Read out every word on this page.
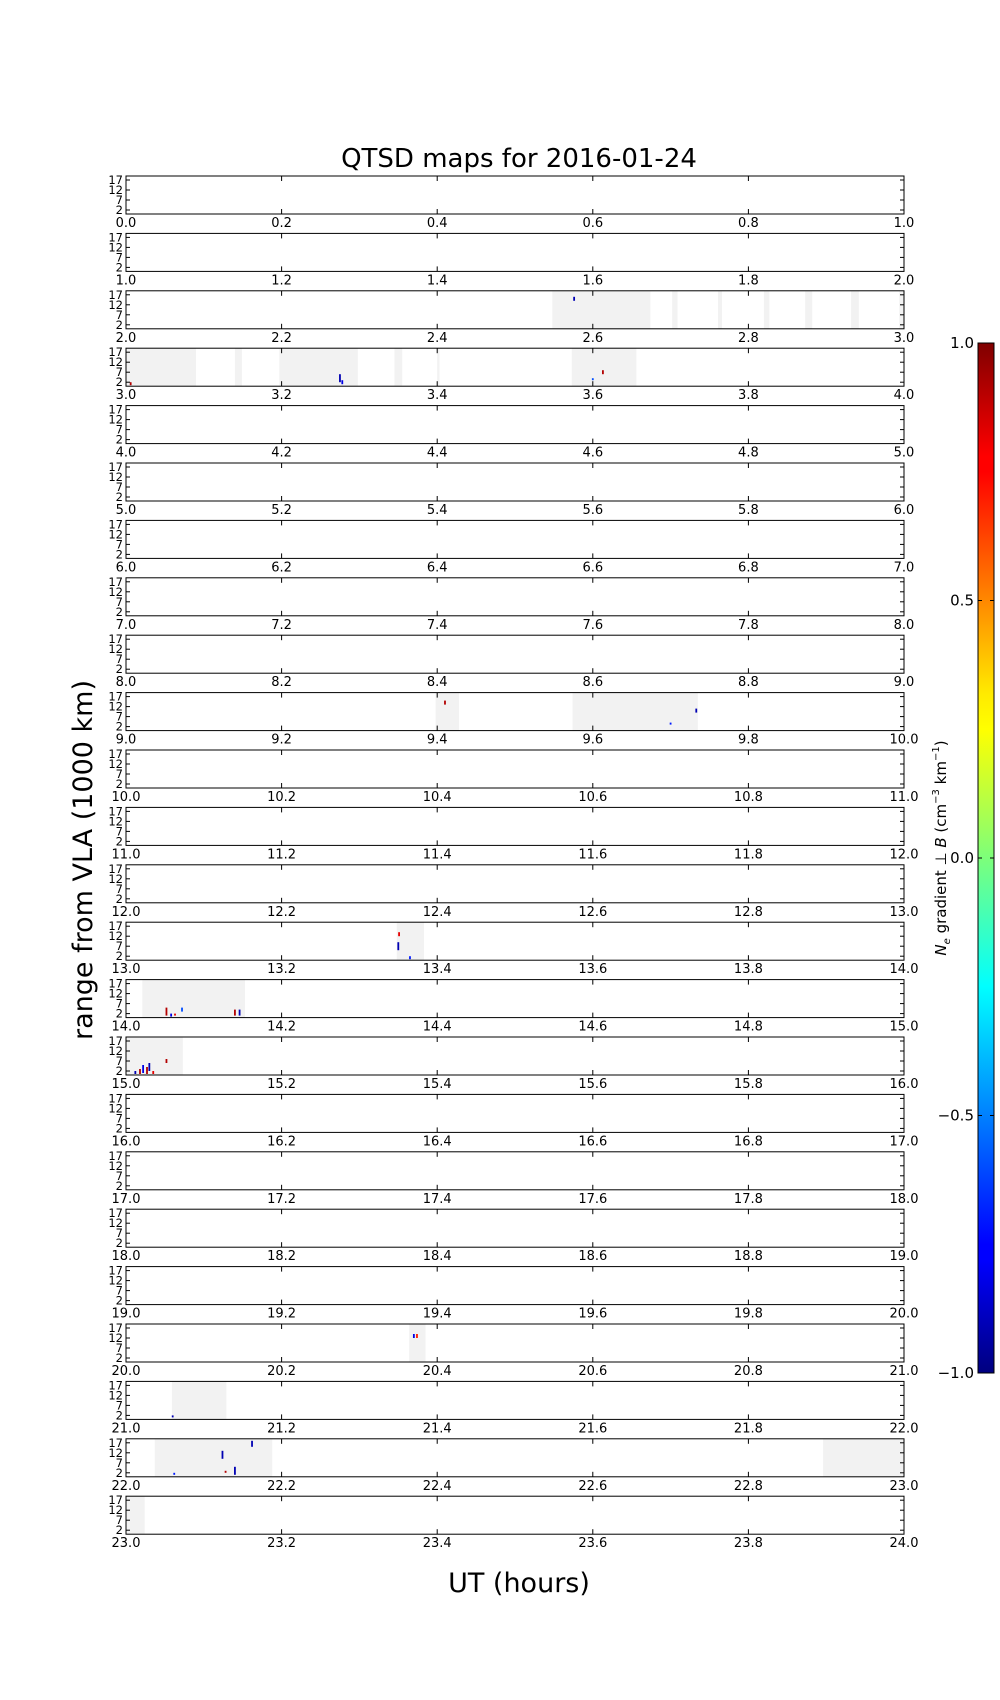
QTSD maps for 2016-01-24
range from VLA (1000 km)
UT (hours)
0.0	0.2	0.4	0.6	0.8	1.0
17
12
7
2
1.0	1.2	1.4	1.6	1.8	2.0
17
12
7
2
2.0	2.2	2.4	2.6	2.8	3.0
17
12
7
2
3.0	3.2	3.4	3.6	3.8	4.0
17
12
7
2
4.0	4.2	4.4	4.6	4.8	5.0
17
12
7
2
5.0	5.2	5.4	5.6	5.8	6.0
17
12
7
2
6.0	6.2	6.4	6.6	6.8	7.0
17
12
7
2
7.0	7.2	7.4	7.6	7.8	8.0
17
12
7
2
8.0	8.2	8.4	8.6	8.8	9.0
17
12
7
2
9.0	9.2	9.4	9.6	9.8	10.0
17
12
7
2
10.0	10.2	10.4	10.6	10.8	11.0
17
12
7
2
11.0	11.2	11.4	11.6	11.8	12.0
17
12
7
2
12.0	12.2	12.4	12.6	12.8	13.0
17
12
7
2
13.0	13.2	13.4	13.6	13.8	14.0
17
12
7
2
14.0	14.2	14.4	14.6	14.8	15.0
17
12
7
2
15.0	15.2	15.4	15.6	15.8	16.0
17
12
7
2
16.0	16.2	16.4	16.6	16.8	17.0
17
12
7
2
17.0	17.2	17.4	17.6	17.8	18.0
17
12
7
2
18.0	18.2	18.4	18.6	18.8	19.0
17
12
7
2
19.0	19.2	19.4	19.6	19.8	20.0
17
12
7
2
20.0	20.2	20.4	20.6	20.8	21.0
17
12
7
2
21.0	21.2	21.4	21.6	21.8	22.0
17
12
7
2
22.0	22.2	22.4	22.6	22.8	23.0
17
12
7
2
23.0	23.2	23.4	23.6	23.8	24.0
17
12
7
2
1.0
0.5
0.0
−0.5
−1.0
$N_e$ gradient ⊥ B ($cm^{-3}$ $km^{-1}$)
